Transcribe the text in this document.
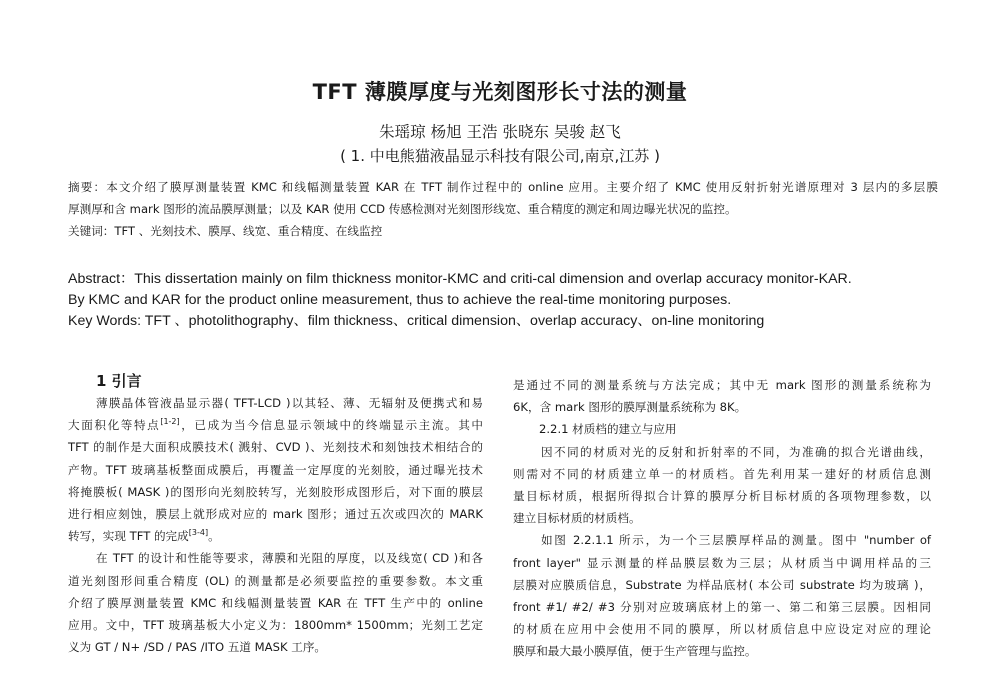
TFT 薄膜厚度与光刻图形长寸法的测量
朱瑶琼 杨旭 王浩 张晓东 吴骏 赵飞
( 1. 中电熊猫液晶显示科技有限公司,南京,江苏 )
摘要：本文介绍了膜厚测量装置 KMC 和线幅测量装置 KAR 在 TFT 制作过程中的 online 应用。主要介绍了 KMC 使用反射折射光谱原理对 3 层内的多层膜
厚测厚和含 mark 图形的流品膜厚测量；以及 KAR 使用 CCD 传感检测对光刻图形线宽、重合精度的测定和周边曝光状况的监控。
关键词：TFT 、光刻技术、膜厚、线宽、重合精度、在线监控
Abstract：This dissertation mainly on film thickness monitor-KMC and criti-cal dimension and overlap accuracy monitor-KAR.
By KMC and KAR for the product online measurement, thus to achieve the real-time monitoring purposes.
Key Words: TFT 、photolithography、film thickness、critical dimension、overlap accuracy、on-line monitoring
1 引言
薄膜晶体管液晶显示器( TFT-LCD )以其轻、薄、无辐射及便携式和易
大面积化等特点[1-2]，已成为当今信息显示领域中的终端显示主流。其中
TFT 的制作是大面积成膜技术( 溅射、CVD )、光刻技术和刻蚀技术相结合的
产物。TFT 玻璃基板整面成膜后，再覆盖一定厚度的光刻胶，通过曝光技术
将掩膜板( MASK )的图形向光刻胶转写，光刻胶形成图形后，对下面的膜层
进行相应刻蚀，膜层上就形成对应的 mark 图形；通过五次或四次的 MARK
转写，实现 TFT 的完成[3-4]。
在 TFT 的设计和性能等要求，薄膜和光阻的厚度，以及线宽( CD )和各
道光刻图形间重合精度 (OL) 的测量都是必须要监控的重要参数。本文重
介绍了膜厚测量装置 KMC 和线幅测量装置 KAR 在 TFT 生产中的 online
应用。文中，TFT 玻璃基板大小定义为：1800mm* 1500mm；光刻工艺定
义为 GT / N+ /SD / PAS /ITO 五道 MASK 工序。
是通过不同的测量系统与方法完成；其中无 mark 图形的测量系统称为
6K，含 mark 图形的膜厚测量系统称为 8K。
2.2.1 材质档的建立与应用
因不同的材质对光的反射和折射率的不同，为准确的拟合光谱曲线，
则需对不同的材质建立单一的材质档。首先利用某一建好的材质信息测
量目标材质，根据所得拟合计算的膜厚分析目标材质的各项物理参数，以
建立目标材质的材质档。
如图 2.2.1.1 所示，为一个三层膜厚样品的测量。图中 "number of
front layer" 显示测量的样品膜层数为三层；从材质当中调用样品的三
层膜对应膜质信息，Substrate 为样品底材( 本公司 substrate 均为玻璃 )，
front #1/ #2/ #3 分别对应玻璃底材上的第一、第二和第三层膜。因相同
的材质在应用中会使用不同的膜厚，所以材质信息中应设定对应的理论
膜厚和最大最小膜厚值，便于生产管理与监控。
